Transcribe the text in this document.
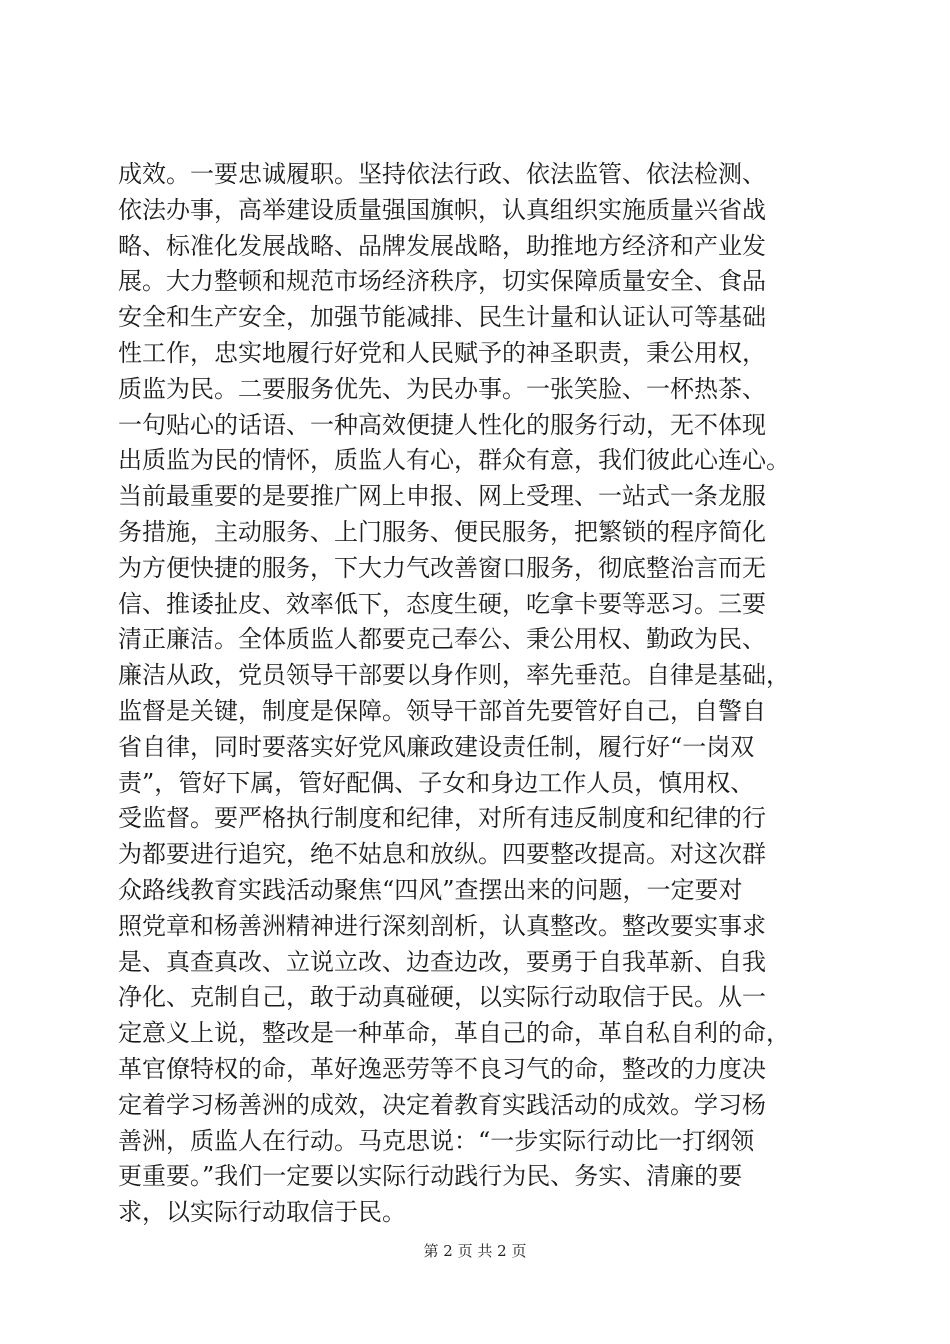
成效。一要忠诚履职。坚持依法行政、依法监管、依法检测、
依法办事，高举建设质量强国旗帜，认真组织实施质量兴省战
略、标准化发展战略、品牌发展战略，助推地方经济和产业发
展。大力整顿和规范市场经济秩序，切实保障质量安全、食品
安全和生产安全，加强节能减排、民生计量和认证认可等基础
性工作，忠实地履行好党和人民赋予的神圣职责，秉公用权，
质监为民。二要服务优先、为民办事。一张笑脸、一杯热茶、
一句贴心的话语、一种高效便捷人性化的服务行动，无不体现
出质监为民的情怀，质监人有心，群众有意，我们彼此心连心。
当前最重要的是要推广网上申报、网上受理、一站式一条龙服
务措施，主动服务、上门服务、便民服务，把繁锁的程序简化
为方便快捷的服务，下大力气改善窗口服务，彻底整治言而无
信、推诿扯皮、效率低下，态度生硬，吃拿卡要等恶习。三要
清正廉洁。全体质监人都要克己奉公、秉公用权、勤政为民、
廉洁从政，党员领导干部要以身作则，率先垂范。自律是基础，
监督是关键，制度是保障。领导干部首先要管好自己，自警自
省自律，同时要落实好党风廉政建设责任制，履行好“一岗双
责”，管好下属，管好配偶、子女和身边工作人员，慎用权、
受监督。要严格执行制度和纪律，对所有违反制度和纪律的行
为都要进行追究，绝不姑息和放纵。四要整改提高。对这次群
众路线教育实践活动聚焦“四风”查摆出来的问题，一定要对
照党章和杨善洲精神进行深刻剖析，认真整改。整改要实事求
是、真查真改、立说立改、边查边改，要勇于自我革新、自我
净化、克制自己，敢于动真碰硬，以实际行动取信于民。从一
定意义上说，整改是一种革命，革自己的命，革自私自利的命，
革官僚特权的命，革好逸恶劳等不良习气的命，整改的力度决
定着学习杨善洲的成效，决定着教育实践活动的成效。学习杨
善洲，质监人在行动。马克思说：“一步实际行动比一打纲领
更重要。”我们一定要以实际行动践行为民、务实、清廉的要
求，以实际行动取信于民。
第 2 页 共 2 页
